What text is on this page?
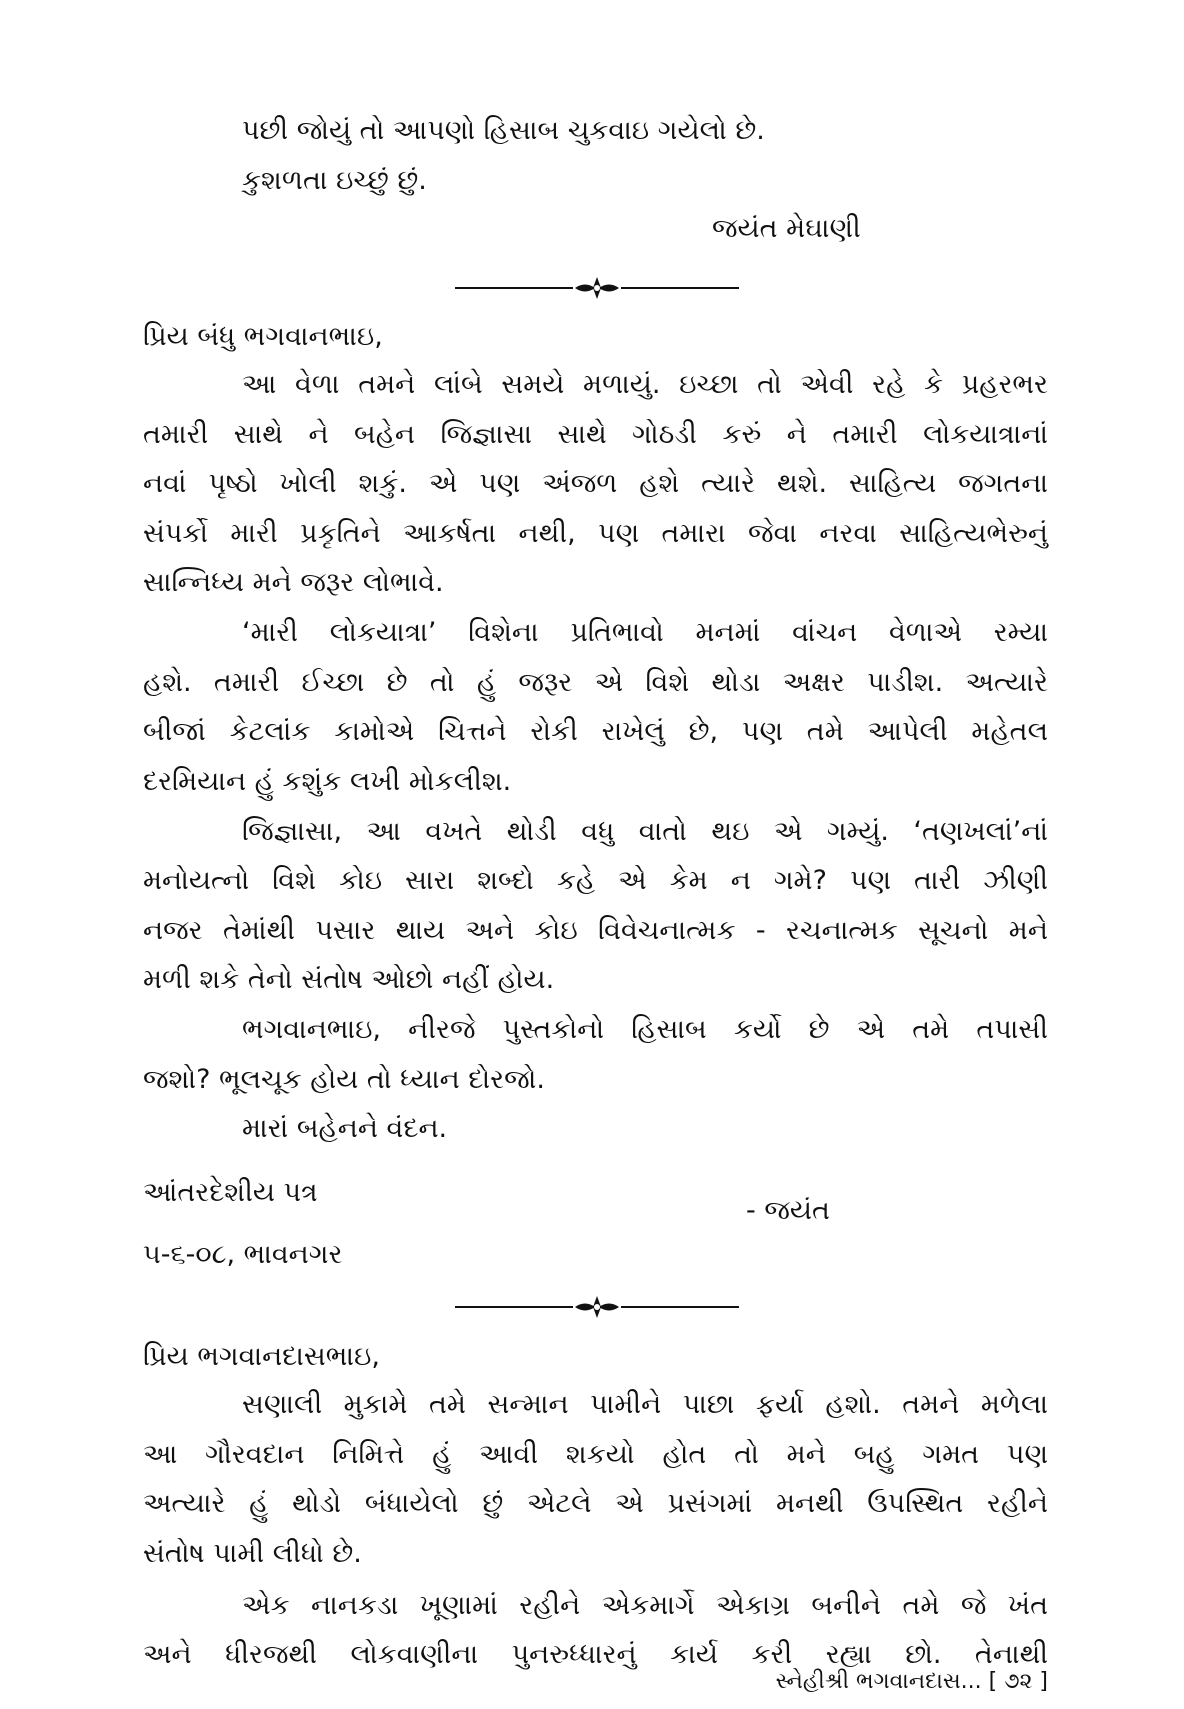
પછી જોયું તો આપણો હિસાબ ચુકવાઇ ગયેલો છે.
કુશળતા ઇચ્છું છું.
જયંત મેઘાણી
પ્રિય બંધુ ભગવાનભાઇ,
આ વેળા તમને લાંબે સમયે મળાયું. ઇચ્છા તો એવી રહે કે પ્રહરભર
તમારી સાથે ને બહેન જિજ્ઞાસા સાથે ગોઠડી કરું ને તમારી લોકયાત્રાનાં
નવાં પૃષ્ઠો ખોલી શકું. એ પણ અંજળ હશે ત્યારે થશે. સાહિત્ય જગતના
સંપર્કો મારી પ્રકૃતિને આકર્ષતા નથી, પણ તમારા જેવા નરવા સાહિત્યભેરુનું
સાન્નિધ્ય મને જરૂર લોભાવે.
‘મારી લોકયાત્રા’ વિશેના પ્રતિભાવો મનમાં વાંચન વેળાએ રમ્યા
હશે. તમારી ઈચ્છા છે તો હું જરૂર એ વિશે થોડા અક્ષર પાડીશ. અત્યારે
બીજાં કેટલાંક કામોએ ચિત્તને રોકી રાખેલું છે, પણ તમે આપેલી મહેતલ
દરમિયાન હું કશુંક લખી મોકલીશ.
જિજ્ઞાસા, આ વખતે થોડી વધુ વાતો થઇ એ ગમ્યું. ‘તણખલાં’નાં
મનોયત્નો વિશે કોઇ સારા શબ્દો કહે એ કેમ ન ગમે? પણ તારી ઝીણી
નજર તેમાંથી પસાર થાય અને કોઇ વિવેચનાત્મક - રચનાત્મક સૂચનો મને
મળી શકે તેનો સંતોષ ઓછો નહીં હોય.
ભગવાનભાઇ, નીરજે પુસ્તકોનો હિસાબ કર્યો છે એ તમે તપાસી
જશો? ભૂલચૂક હોય તો ધ્યાન દોરજો.
મારાં બહેનને વંદન.
આંતરદેશીય પત્ર
- જયંત
૫-૬-૦૮, ભાવનગર
પ્રિય ભગવાનદાસભાઇ,
સણાલી મુકામે તમે સન્માન પામીને પાછા ફર્યા હશો. તમને મળેલા
આ ગૌરવદાન નિમિત્તે હું આવી શકયો હોત તો મને બહુ ગમત પણ
અત્યારે હું થોડો બંધાયેલો છું એટલે એ પ્રસંગમાં મનથી ઉપસ્થિત રહીને
સંતોષ પામી લીધો છે.
એક નાનકડા ખૂણામાં રહીને એકમાર્ગે એકાગ્ર બનીને તમે જે ખંત
અને ધીરજથી લોકવાણીના પુનરુધ્ધારનું કાર્ય કરી રહ્યા છો. તેનાથી
સ્નેહીશ્રી ભગવાનદાસ... [ ૭૨ ]
